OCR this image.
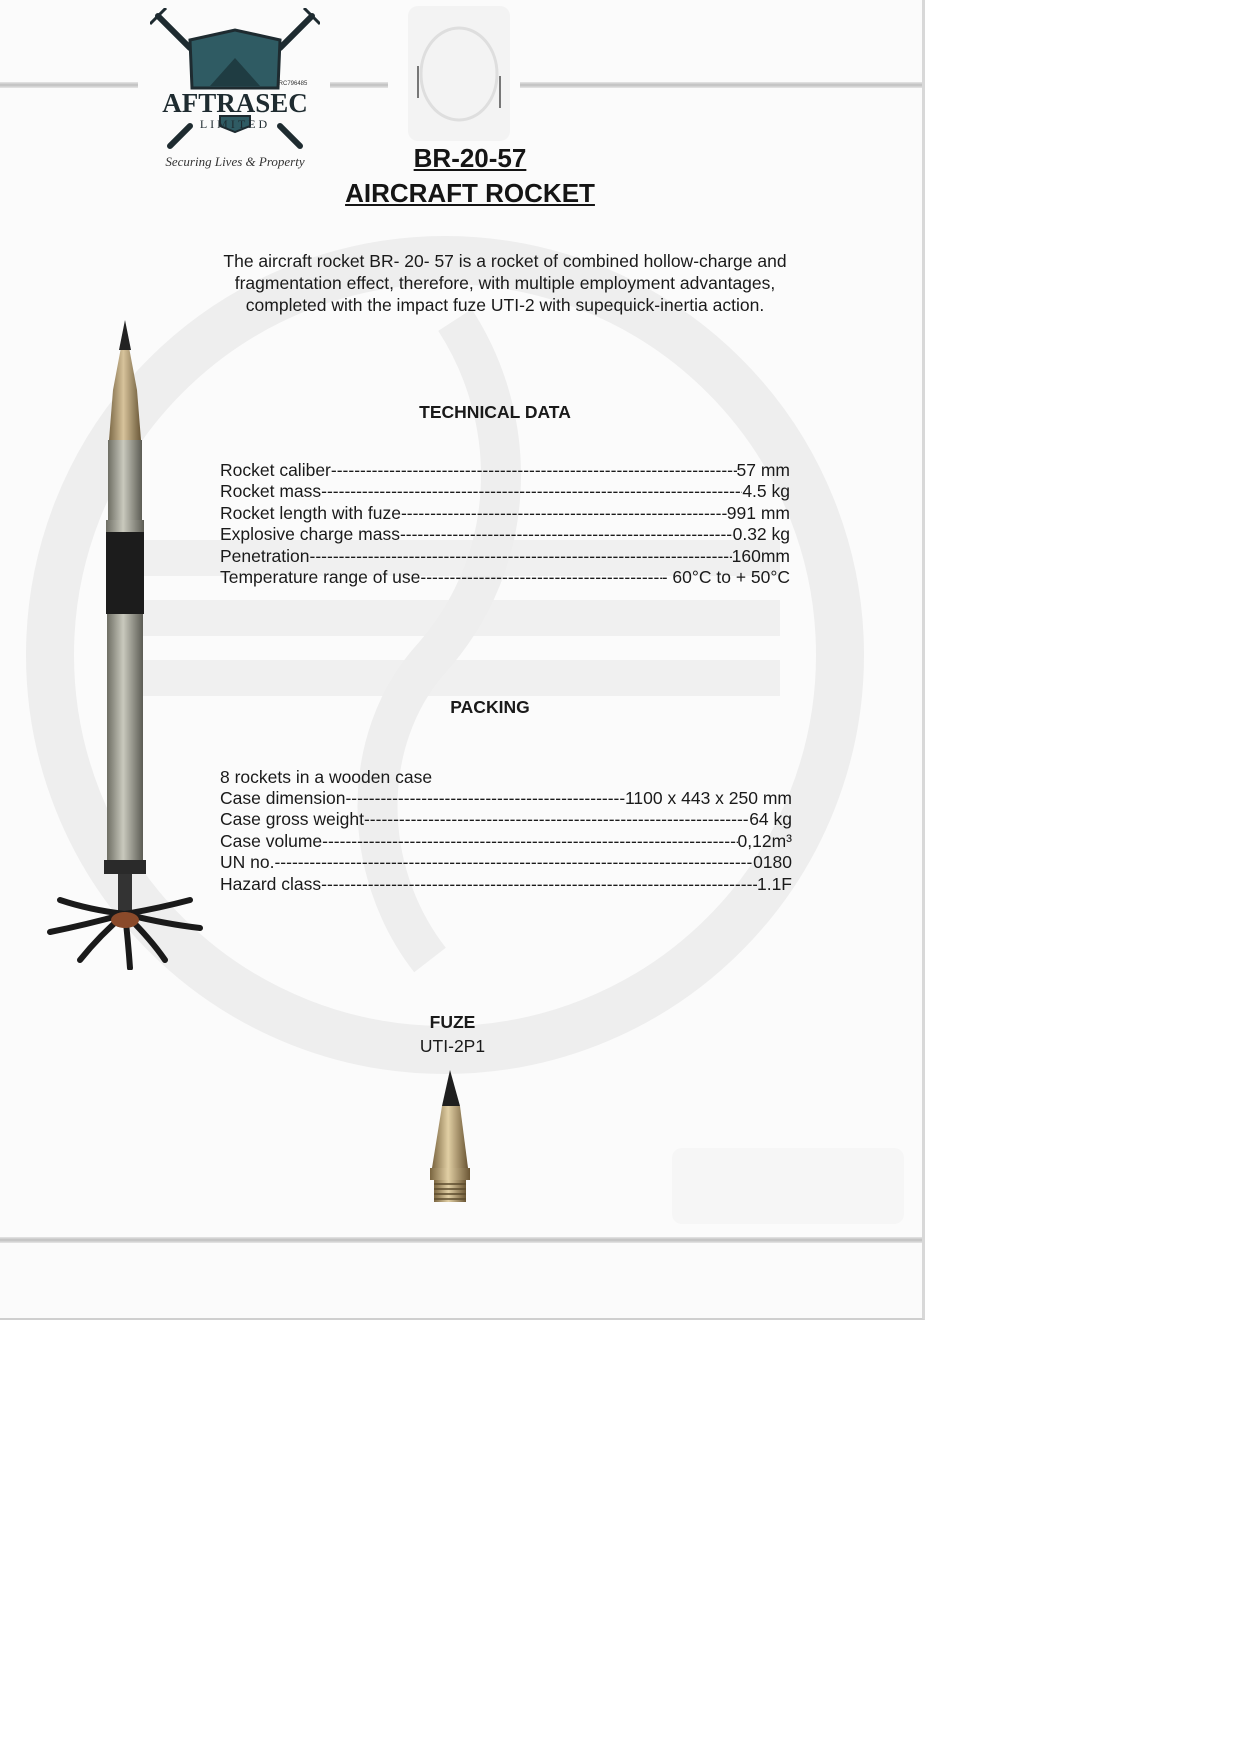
RC796485
AFTRASEC
LIMITED
Securing Lives & Property	BR-20-57
AIRCRAFT ROCKET

The aircraft rocket BR- 20- 57 is a rocket of combined hollow-charge and fragmentation effect, therefore, with multiple employment advantages, completed with the impact fuze UTI-2 with supequick-inertia action.

TECHNICAL DATA
Rocket caliber -----	57 mm
Rocket mass -----	4.5 kg
Rocket length with fuze -----	991 mm
Explosive charge mass -----	0.32 kg
Penetration -----	160mm
Temperature range of use -----	- 60°C to + 50°C
PACKING
8 rockets in a wooden case
Case dimension -----	1100 x 443 x 250 mm
Case gross weight -----	64 kg
Case volume -----	0,12m³
UN no. -----	0180
Hazard class -----	1.1F
FUZE
UTI-2P1
